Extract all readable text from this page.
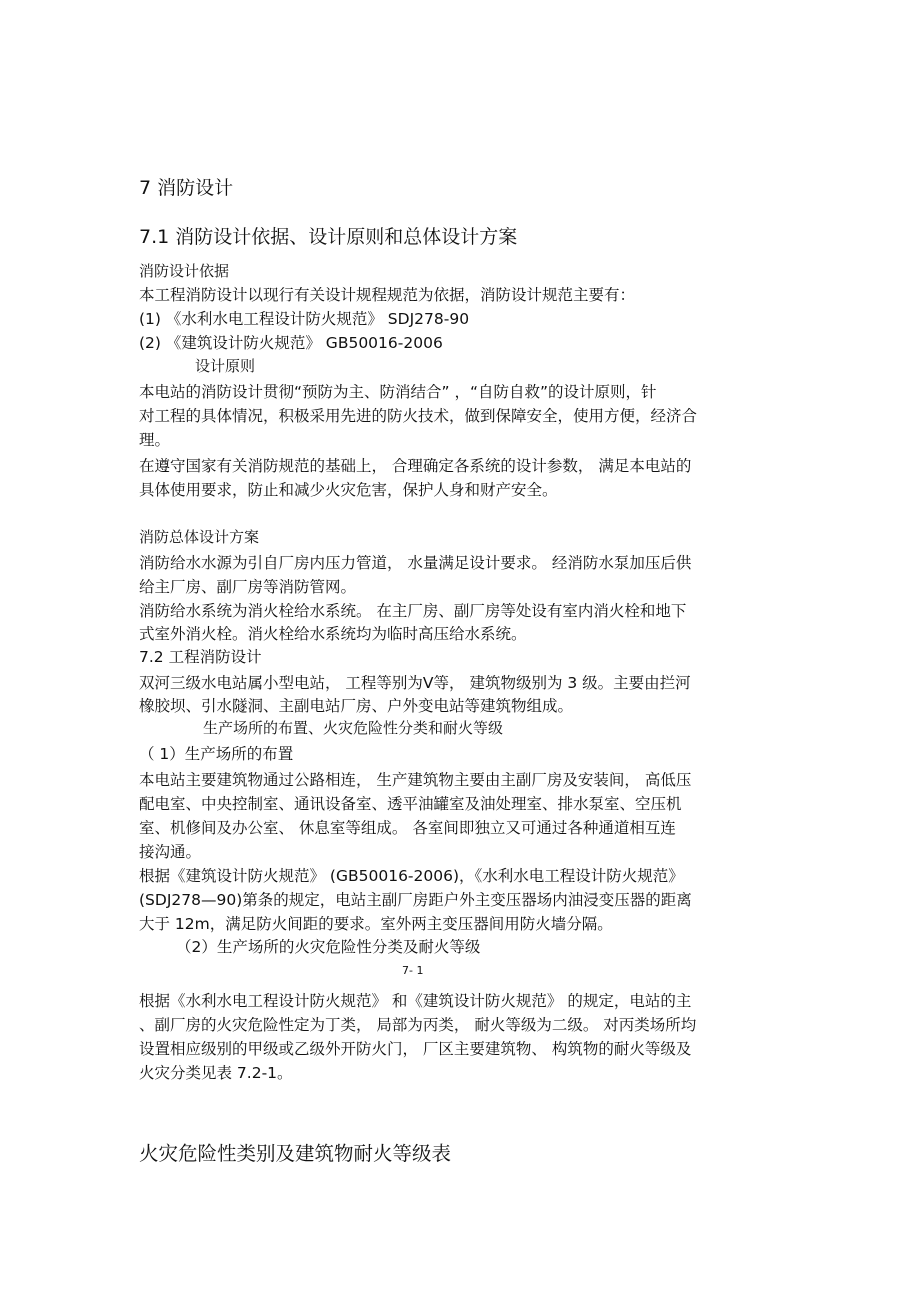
7 消防设计
7.1 消防设计依据、设计原则和总体设计方案
消防设计依据
本工程消防设计以现行有关设计规程规范为依据，消防设计规范主要有：
(1) 《水利水电工程设计防火规范》 SDJ278-90
(2) 《建筑设计防火规范》 GB50016-2006
设计原则
本电站的消防设计贯彻“预防为主、防消结合” ，“自防自救”的设计原则，针
对工程的具体情况，积极采用先进的防火技术，做到保障安全，使用方便，经济合
理。
在遵守国家有关消防规范的基础上， 合理确定各系统的设计参数， 满足本电站的
具体使用要求，防止和减少火灾危害，保护人身和财产安全。
消防总体设计方案
消防给水水源为引自厂房内压力管道， 水量满足设计要求。 经消防水泵加压后供
给主厂房、副厂房等消防管网。
消防给水系统为消火栓给水系统。 在主厂房、副厂房等处设有室内消火栓和地下
式室外消火栓。消火栓给水系统均为临时高压给水系统。
7.2 工程消防设计
双河三级水电站属小型电站， 工程等别为Ⅴ等， 建筑物级别为 3 级。主要由拦河
橡胶坝、引水隧洞、主副电站厂房、户外变电站等建筑物组成。
生产场所的布置、火灾危险性分类和耐火等级
（ 1）生产场所的布置
本电站主要建筑物通过公路相连， 生产建筑物主要由主副厂房及安装间， 高低压
配电室、中央控制室、通讯设备室、透平油罐室及油处理室、排水泵室、空压机
室、机修间及办公室、 休息室等组成。 各室间即独立又可通过各种通道相互连
接沟通。
根据《建筑设计防火规范》 (GB50016-2006)，《水利水电工程设计防火规范》
(SDJ278—90)第条的规定，电站主副厂房距户外主变压器场内油浸变压器的距离
大于 12m，满足防火间距的要求。室外两主变压器间用防火墙分隔。
（2）生产场所的火灾危险性分类及耐火等级
7- 1
根据《水利水电工程设计防火规范》 和《建筑设计防火规范》 的规定，电站的主
、副厂房的火灾危险性定为丁类， 局部为丙类， 耐火等级为二级。 对丙类场所均
设置相应级别的甲级或乙级外开防火门， 厂区主要建筑物、 构筑物的耐火等级及
火灾分类见表 7.2-1。
火灾危险性类别及建筑物耐火等级表
